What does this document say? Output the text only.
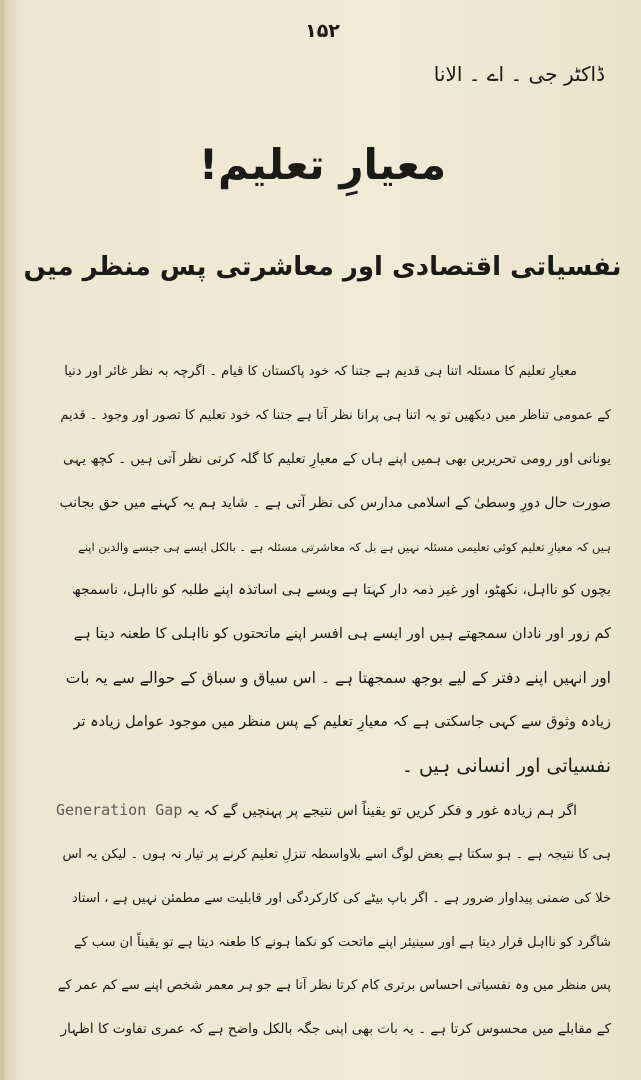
۱۵۲
ڈاکٹر جی ۔ اے ۔ الانا
معیارِ تعلیم!
نفسیاتی اقتصادی اور معاشرتی پس منظر میں
معیارِ تعلیم کا مسئلہ اتنا ہی قدیم ہے جتنا کہ خود پاکستان کا قیام ۔ اگرچہ بہ نظر غائر اور دنیا
کے عمومی تناظر میں دیکھیں تو یہ اتنا ہی پرانا نظر آتا ہے جتنا کہ خود تعلیم کا تصور اور وجود ۔ قدیم
یونانی اور رومی تحریریں بھی ہمیں اپنے ہاں کے معیارِ تعلیم کا گلہ کرتی نظر آتی ہیں ۔ کچھ یہی
صورت حال دورِ وسطیٰ کے اسلامی مدارس کی نظر آتی ہے ۔ شاید ہم یہ کہنے میں حق بجانب
ہیں کہ معیارِ تعلیم کوئی تعلیمی مسئلہ نہیں ہے بل کہ معاشرتی مسئلہ ہے ۔ بالکل ایسے ہی جیسے والدین اپنے
بچوں کو نااہل، نکھٹو، اور غیر ذمہ دار کہتا ہے ویسے ہی اساتذہ اپنے طلبہ کو نااہل، ناسمجھ
کم زور اور نادان سمجھتے ہیں اور ایسے ہی افسر اپنے ماتحتوں کو نااہلی کا طعنہ دیتا ہے
اور انہیں اپنے دفتر کے لیے بوجھ سمجھتا ہے ۔ اس سیاق و سباق کے حوالے سے یہ بات
زیادہ وثوق سے کہی جاسکتی ہے کہ معیارِ تعلیم کے پس منظر میں موجود عوامل زیادہ تر
نفسیاتی اور انسانی ہیں ۔
اگر ہم زیادہ غور و فکر کریں تو یقیناً اس نتیجے پر پہنچیں گے کہ یہ Generation Gap
ہی کا نتیجہ ہے ۔ ہو سکتا ہے بعض لوگ اسے بلاواسطہ تنزلِ تعلیم کرنے پر تیار نہ ہوں ۔ لیکن یہ اس
خلا کی ضمنی پیداوار ضرور ہے ۔ اگر باپ بیٹے کی کارکردگی اور قابلیت سے مطمئن نہیں ہے ، استاد
شاگرد کو نااہل قرار دیتا ہے اور سینیئر اپنے ماتحت کو نکما ہونے کا طعنہ دیتا ہے تو یقیناً ان سب کے
پس منظر میں وہ نفسیاتی احساس برتری کام کرتا نظر آتا ہے جو ہر معمر شخص اپنے سے کم عمر کے
کے مقابلے میں محسوس کرتا ہے ۔ یہ بات بھی اپنی جگہ بالکل واضح ہے کہ عمری تفاوت کا اظہار
